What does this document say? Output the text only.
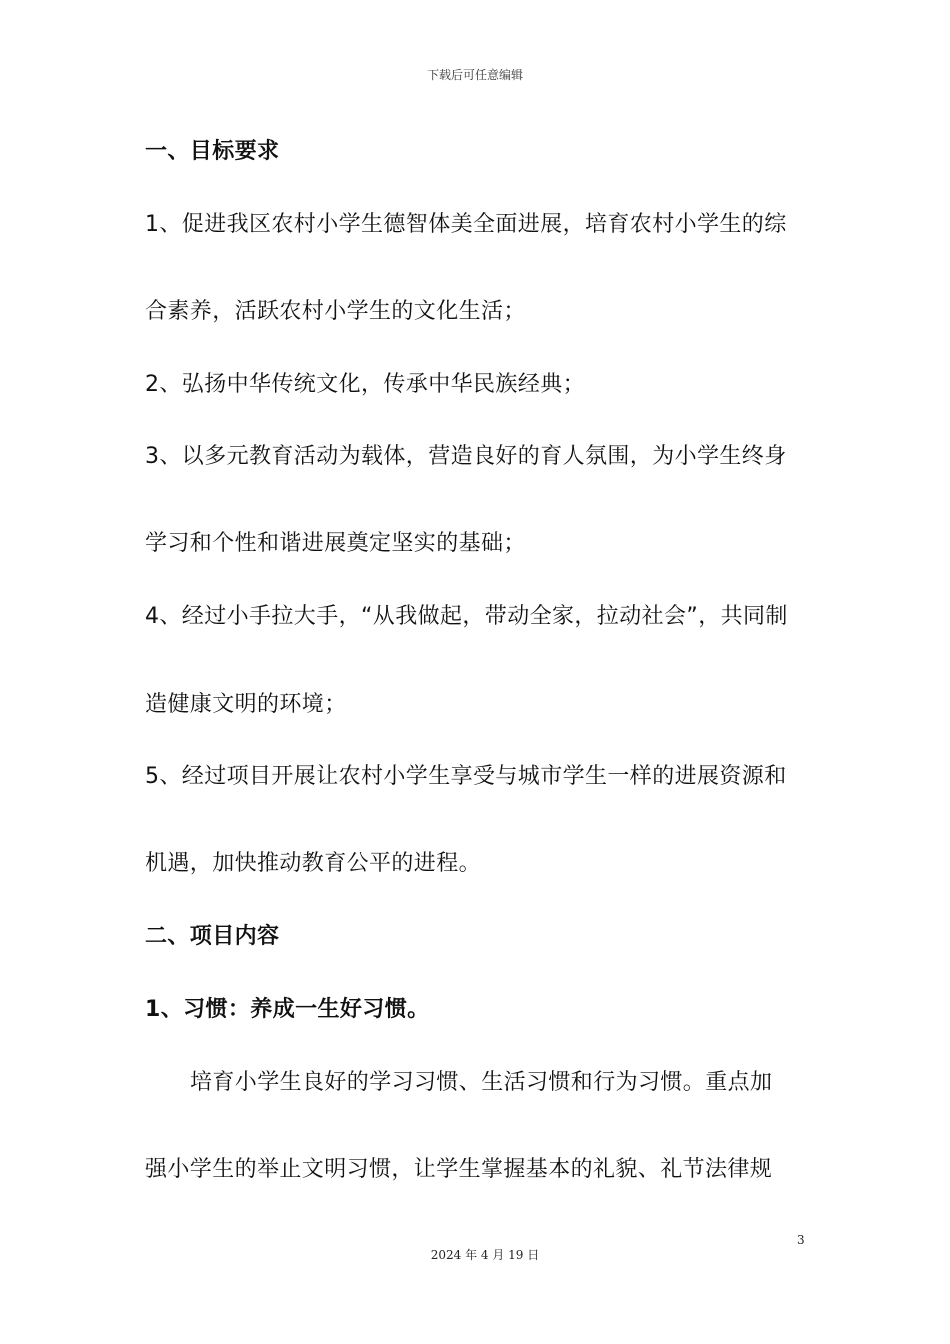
下载后可任意编辑
一、目标要求
1、促进我区农村小学生德智体美全面进展，培育农村小学生的综
合素养，活跃农村小学生的文化生活；
2、弘扬中华传统文化，传承中华民族经典；
3、以多元教育活动为载体，营造良好的育人氛围，为小学生终身
学习和个性和谐进展奠定坚实的基础；
4、经过小手拉大手，“从我做起，带动全家，拉动社会”，共同制
造健康文明的环境；
5、经过项目开展让农村小学生享受与城市学生一样的进展资源和
机遇，加快推动教育公平的进程。
二、项目内容
1、习惯：养成一生好习惯。
培育小学生良好的学习习惯、生活习惯和行为习惯。重点加
强小学生的举止文明习惯，让学生掌握基本的礼貌、礼节法律规
3
2024 年 4 月 19 日
